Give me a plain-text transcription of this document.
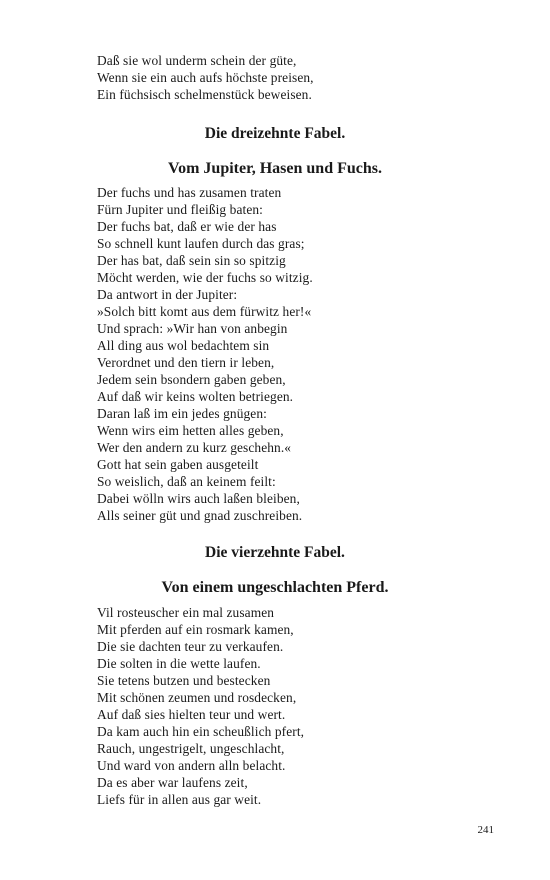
Daß sie wol underm schein der güte,
Wenn sie ein auch aufs höchste preisen,
Ein füchsisch schelmenstück beweisen.
Die dreizehnte Fabel.
Vom Jupiter, Hasen und Fuchs.
Der fuchs und has zusamen traten
Fürn Jupiter und fleißig baten:
Der fuchs bat, daß er wie der has
So schnell kunt laufen durch das gras;
Der has bat, daß sein sin so spitzig
Möcht werden, wie der fuchs so witzig.
Da antwort in der Jupiter:
»Solch bitt komt aus dem fürwitz her!«
Und sprach: »Wir han von anbegin
All ding aus wol bedachtem sin
Verordnet und den tiern ir leben,
Jedem sein bsondern gaben geben,
Auf daß wir keins wolten betriegen.
Daran laß im ein jedes gnügen:
Wenn wirs eim hetten alles geben,
Wer den andern zu kurz geschehn.«
Gott hat sein gaben ausgeteilt
So weislich, daß an keinem feilt:
Dabei wölln wirs auch laßen bleiben,
Alls seiner güt und gnad zuschreiben.
Die vierzehnte Fabel.
Von einem ungeschlachten Pferd.
Vil rosteuscher ein mal zusamen
Mit pferden auf ein rosmark kamen,
Die sie dachten teur zu verkaufen.
Die solten in die wette laufen.
Sie tetens butzen und bestecken
Mit schönen zeumen und rosdecken,
Auf daß sies hielten teur und wert.
Da kam auch hin ein scheußlich pfert,
Rauch, ungestrigelt, ungeschlacht,
Und ward von andern alln belacht.
Da es aber war laufens zeit,
Liefs für in allen aus gar weit.
241
